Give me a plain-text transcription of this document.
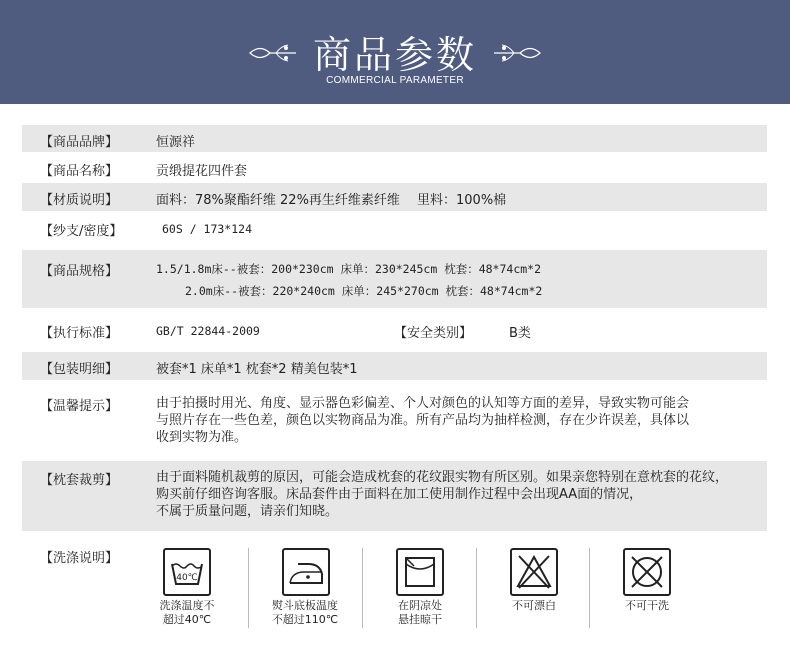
商品参数
COMMERCIAL PARAMETER
【商品品牌】	恒源祥
【商品名称】	贡缎提花四件套
【材质说明】	面料：78%聚酯纤维 22%再生纤维素纤维 里料：100%棉
【纱支/密度】	60S / 173*124
【商品规格】	1.5/1.8m床--被套：200*230cm 床单：230*245cm 枕套：48*74cm*2
2.0m床--被套：220*240cm 床单：245*270cm 枕套：48*74cm*2
【执行标准】	GB/T 22844-2009	【安全类别】	B类
【包装明细】	被套*1 床单*1 枕套*2 精美包装*1
【温馨提示】	由于拍摄时用光、角度、显示器色彩偏差、个人对颜色的认知等方面的差异，导致实物可能会
与照片存在一些色差，颜色以实物商品为准。所有产品均为抽样检测，存在少许误差，具体以
收到实物为准。
【枕套裁剪】	由于面料随机裁剪的原因，可能会造成枕套的花纹跟实物有所区别。如果亲您特别在意枕套的花纹，
购买前仔细咨询客服。床品套件由于面料在加工使用制作过程中会出现AA面的情况，
不属于质量问题，请亲们知晓。
【洗涤说明】
40℃
洗涤温度不
超过40℃
熨斗底板温度
不超过110℃
在阴凉处
悬挂晾干
不可漂白	不可干洗
